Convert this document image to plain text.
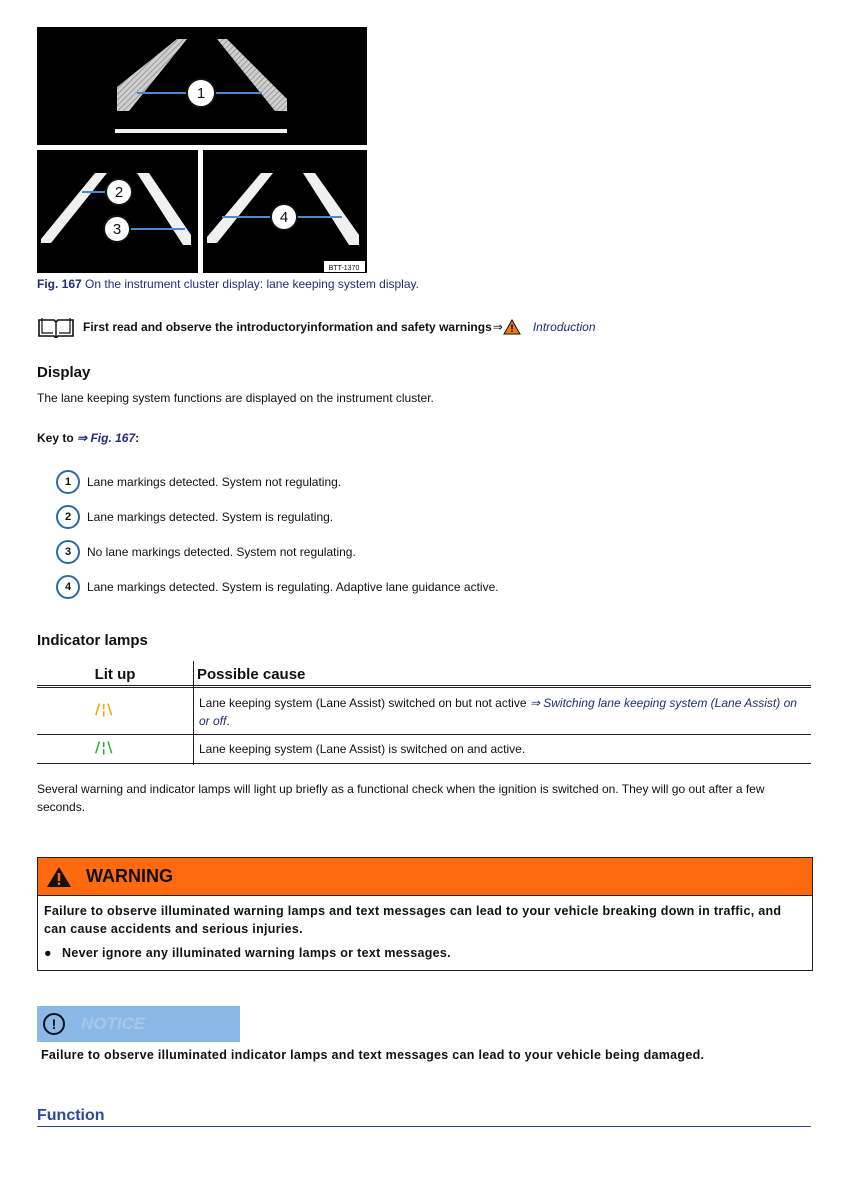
1
2
3
4
BTT-1370
Fig. 167 On the instrument cluster display: lane keeping system display.
First read and observe the introductoryinformation and safety warnings ⇒	Introduction
Display
The lane keeping system functions are displayed on the instrument cluster.
Key to ⇒ Fig. 167:
1	Lane markings detected. System not regulating.
2	Lane markings detected. System is regulating.
3	No lane markings detected. System not regulating.
4	Lane markings detected. System is regulating. Adaptive lane guidance active.
Indicator lamps
Lit up	Possible cause
/¦\	Lane keeping system (Lane Assist) switched on but not active ⇒ Switching lane keeping system (Lane Assist) on or off.
/¦\	Lane keeping system (Lane Assist) is switched on and active.
Several warning and indicator lamps will light up briefly as a functional check when the ignition is switched on. They will go out after a few seconds.
WARNING
Failure to observe illuminated warning lamps and text messages can lead to your vehicle breaking down in traffic, and can cause accidents and serious injuries.
● Never ignore any illuminated warning lamps or text messages.
!	NOTICE
Failure to observe illuminated indicator lamps and text messages can lead to your vehicle being damaged.
Function
